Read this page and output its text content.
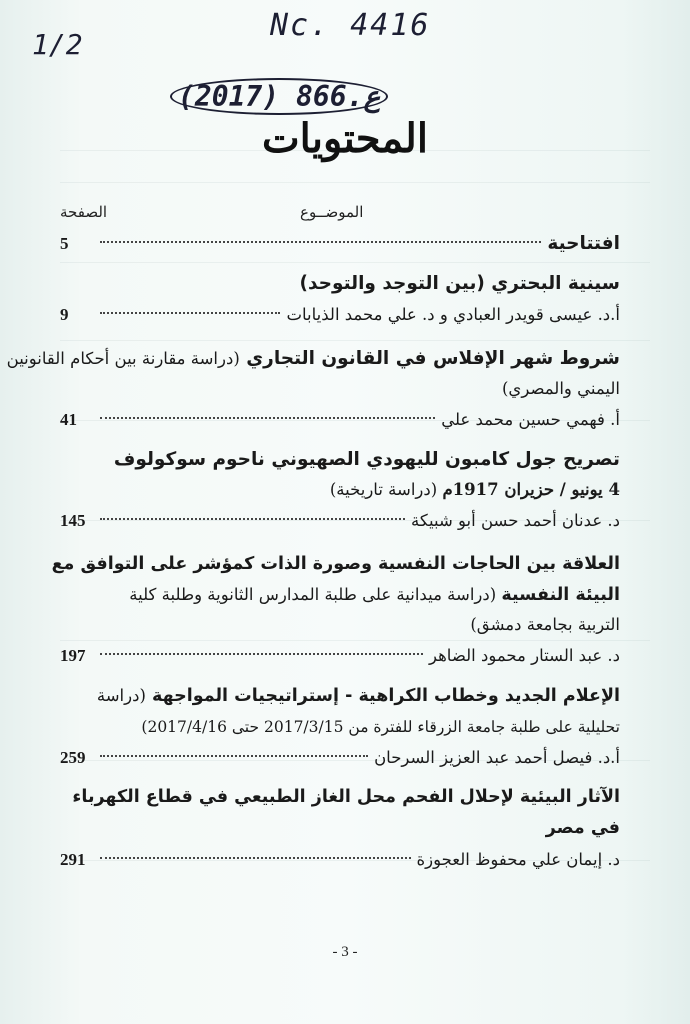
Nc. 4416
1/2
(2017) 866.ع
المحتويات
الموضــوع
الصفحة
افتتاحية
5
سينية البحتري (بين التوجد والتوحد)
أ.د. عيسى قويدر العبادي و د. علي محمد الذيابات
9
شروط شهر الإفلاس في القانون التجاري (دراسة مقارنة بين أحكام القانونين
اليمني والمصري)
أ. فهمي حسين محمد علي
41
تصريح جول كامبون لليهودي الصهيوني ناحوم سوكولوف
4 يونيو / حزيران 1917م (دراسة تاريخية)
د. عدنان أحمد حسن أبو شبيكة
145
العلاقة بين الحاجات النفسية وصورة الذات كمؤشر على التوافق مع
البيئة النفسية (دراسة ميدانية على طلبة المدارس الثانوية وطلبة كلية
التربية بجامعة دمشق)
د. عبد الستار محمود الضاهر
197
الإعلام الجديد وخطاب الكراهية - إستراتيجيات المواجهة (دراسة
تحليلية على طلبة جامعة الزرقاء للفترة من 2017/3/15 حتى 2017/4/16)
أ.د. فيصل أحمد عبد العزيز السرحان
259
الآثار البيئية لإحلال الفحم محل الغاز الطبيعي في قطاع الكهرباء
في مصر
د. إيمان علي محفوظ العجوزة
291
- 3 -
